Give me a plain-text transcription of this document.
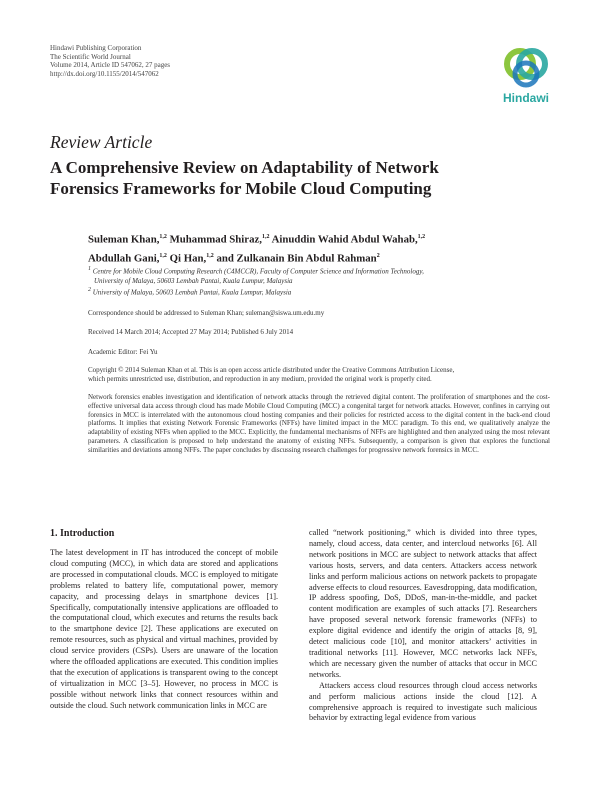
Hindawi Publishing Corporation
The Scientific World Journal
Volume 2014, Article ID 547062, 27 pages
http://dx.doi.org/10.1155/2014/547062
Hindawi
Review Article
A Comprehensive Review on Adaptability of Network
Forensics Frameworks for Mobile Cloud Computing
Suleman Khan,$^{1,2}$ Muhammad Shiraz,$^{1,2}$ Ainuddin Wahid Abdul Wahab,$^{1,2}$
Abdullah Gani,$^{1,2}$ Qi Han,$^{1,2}$ and Zulkanain Bin Abdul Rahman$^2$
$^1$ Centre for Mobile Cloud Computing Research (C4MCCR), Faculty of Computer Science and Information Technology,
University of Malaya, 50603 Lembah Pantai, Kuala Lumpur, Malaysia
$^2$ University of Malaya, 50603 Lembah Pantai, Kuala Lumpur, Malaysia
Correspondence should be addressed to Suleman Khan; suleman@siswa.um.edu.my
Received 14 March 2014; Accepted 27 May 2014; Published 6 July 2014
Academic Editor: Fei Yu
Copyright © 2014 Suleman Khan et al. This is an open access article distributed under the Creative Commons Attribution License,
which permits unrestricted use, distribution, and reproduction in any medium, provided the original work is properly cited.
Network forensics enables investigation and identification of network attacks through the retrieved digital content. The proliferation of smartphones and the cost-effective universal data access through cloud has made Mobile Cloud Computing (MCC) a congenital target for network attacks. However, confines in carrying out forensics in MCC is interrelated with the autonomous cloud hosting companies and their policies for restricted access to the digital content in the back-end cloud platforms. It implies that existing Network Forensic Frameworks (NFFs) have limited impact in the MCC paradigm. To this end, we qualitatively analyze the adaptability of existing NFFs when applied to the MCC. Explicitly, the fundamental mechanisms of NFFs are highlighted and then analyzed using the most relevant parameters. A classification is proposed to help understand the anatomy of existing NFFs. Subsequently, a comparison is given that explores the functional similarities and deviations among NFFs. The paper concludes by discussing research challenges for progressive network forensics in MCC.
1. Introduction

The latest development in IT has introduced the concept of mobile cloud computing (MCC), in which data are stored and applications are processed in computational clouds. MCC is employed to mitigate problems related to battery life, computational power, memory capacity, and processing delays in smartphone devices [1]. Specifically, computationally intensive applications are offloaded to the computational cloud, which executes and returns the results back to the smartphone device [2]. These applications are executed on remote resources, such as physical and virtual machines, provided by cloud service providers (CSPs). Users are unaware of the location where the offloaded applications are executed. This condition implies that the execution of applications is transparent owing to the concept of virtualization in MCC [3–5]. However, no process in MCC is possible without network links that connect resources within and outside the cloud. Such network communication links in MCC are

called “network positioning,” which is divided into three types, namely, cloud access, data center, and intercloud networks [6]. All network positions in MCC are subject to network attacks that affect various hosts, servers, and data centers. Attackers access network links and perform malicious actions on network packets to propagate adverse effects to cloud resources. Eavesdropping, data modification, IP address spoofing, DoS, DDoS, man-in-the-middle, and packet content modification are examples of such attacks [7]. Researchers have proposed several network forensic frameworks (NFFs) to explore digital evidence and identify the origin of attacks [8, 9], detect malicious code [10], and monitor attackers’ activities in traditional networks [11]. However, MCC networks lack NFFs, which are necessary given the number of attacks that occur in MCC networks.

Attackers access cloud resources through cloud access networks and perform malicious actions inside the cloud [12]. A comprehensive approach is required to investigate such malicious behavior by extracting legal evidence from various
